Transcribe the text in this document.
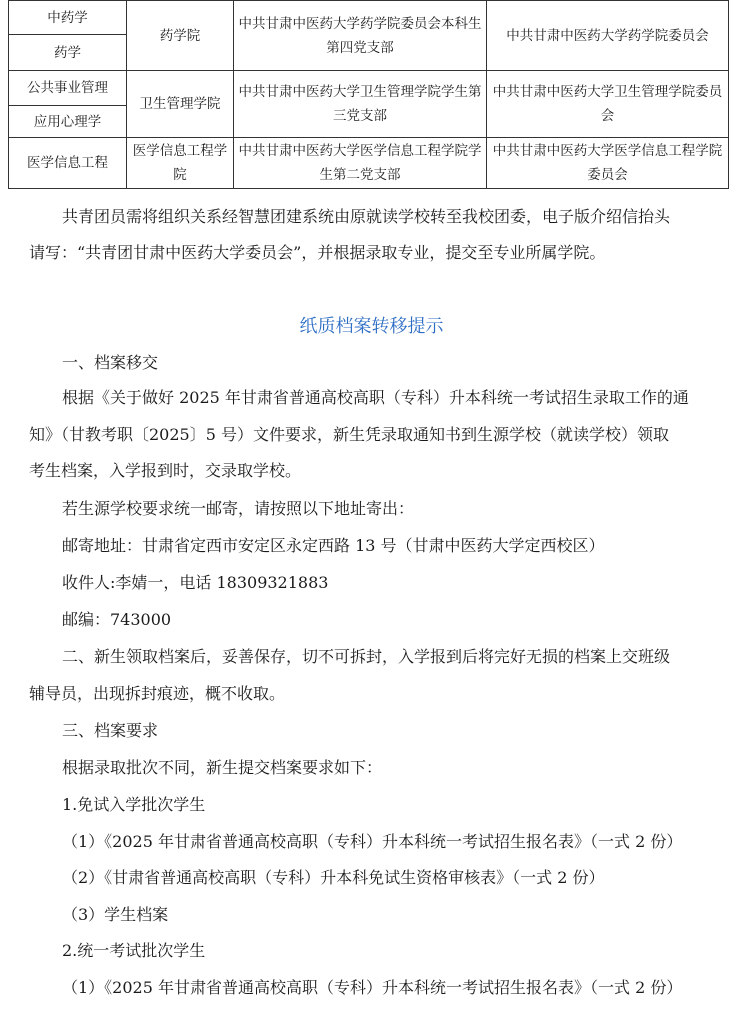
中药学	药学院	中共甘肃中医药大学药学院委员会本科生第四党支部	中共甘肃中医药大学药学院委员会
药学			
公共事业管理	卫生管理学院	中共甘肃中医药大学卫生管理学院学生第三党支部	中共甘肃中医药大学卫生管理学院委员会
应用心理学			
医学信息工程	医学信息工程学院	中共甘肃中医药大学医学信息工程学院学生第二党支部	中共甘肃中医药大学医学信息工程学院委员会

共青团员需将组织关系经智慧团建系统由原就读学校转至我校团委，电子版介绍信抬头

请写：“共青团甘肃中医药大学委员会”，并根据录取专业，提交至专业所属学院。

纸质档案转移提示

一、档案移交

根据《关于做好 2025 年甘肃省普通高校高职（专科）升本科统一考试招生录取工作的通

知》（甘教考职〔2025〕5 号）文件要求，新生凭录取通知书到生源学校（就读学校）领取

考生档案，入学报到时，交录取学校。

若生源学校要求统一邮寄，请按照以下地址寄出：

邮寄地址：甘肃省定西市安定区永定西路 13 号（甘肃中医药大学定西校区）

收件人:李婧一，电话 18309321883

邮编：743000

二、新生领取档案后，妥善保存，切不可拆封，入学报到后将完好无损的档案上交班级

辅导员，出现拆封痕迹，概不收取。

三、档案要求

根据录取批次不同，新生提交档案要求如下：

1.免试入学批次学生

（1）《2025 年甘肃省普通高校高职（专科）升本科统一考试招生报名表》（一式 2 份）

（2）《甘肃省普通高校高职（专科）升本科免试生资格审核表》（一式 2 份）

（3）学生档案

2.统一考试批次学生

（1）《2025 年甘肃省普通高校高职（专科）升本科统一考试招生报名表》（一式 2 份）
